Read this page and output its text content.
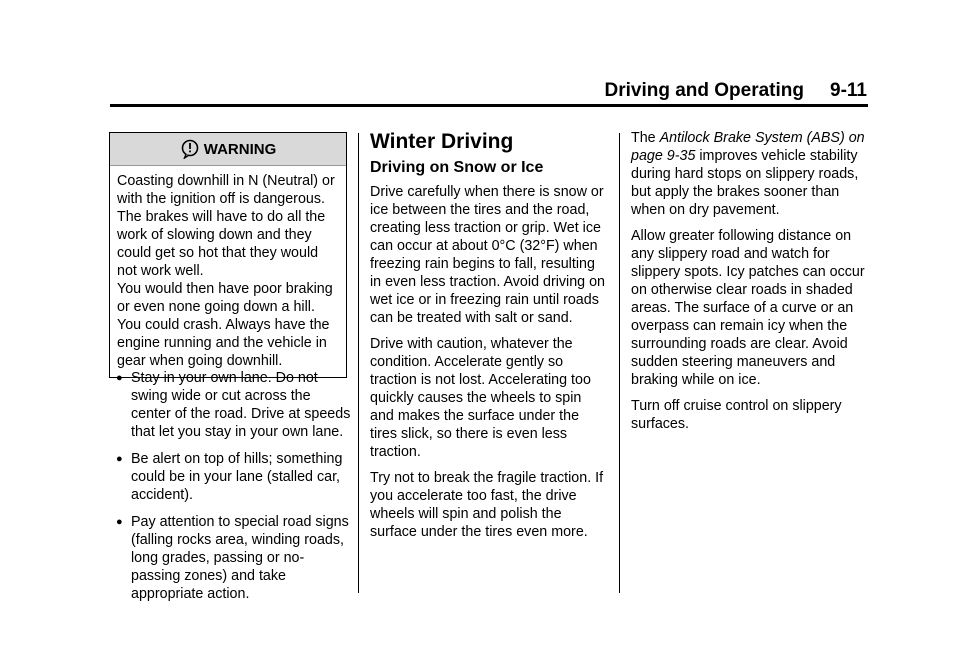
Driving and Operating 9-11
WARNING
Coasting downhill in N (Neutral) or with the ignition off is dangerous. The brakes will have to do all the work of slowing down and they could get so hot that they would not work well.
You would then have poor braking or even none going down a hill. You could crash. Always have the engine running and the vehicle in gear when going downhill.
● Stay in your own lane. Do not swing wide or cut across the center of the road. Drive at speeds that let you stay in your own lane.
● Be alert on top of hills; something could be in your lane (stalled car, accident).
● Pay attention to special road signs (falling rocks area, winding roads, long grades, passing or no-passing zones) and take appropriate action.
Winter Driving
Driving on Snow or Ice

Drive carefully when there is snow or ice between the tires and the road, creating less traction or grip. Wet ice can occur at about 0°C (32°F) when freezing rain begins to fall, resulting in even less traction. Avoid driving on wet ice or in freezing rain until roads can be treated with salt or sand.

Drive with caution, whatever the condition. Accelerate gently so traction is not lost. Accelerating too quickly causes the wheels to spin and makes the surface under the tires slick, so there is even less traction.

Try not to break the fragile traction. If you accelerate too fast, the drive wheels will spin and polish the surface under the tires even more.

The Antilock Brake System (ABS) on page 9-35 improves vehicle stability during hard stops on slippery roads, but apply the brakes sooner than when on dry pavement.

Allow greater following distance on any slippery road and watch for slippery spots. Icy patches can occur on otherwise clear roads in shaded areas. The surface of a curve or an overpass can remain icy when the surrounding roads are clear. Avoid sudden steering maneuvers and braking while on ice.

Turn off cruise control on slippery surfaces.
